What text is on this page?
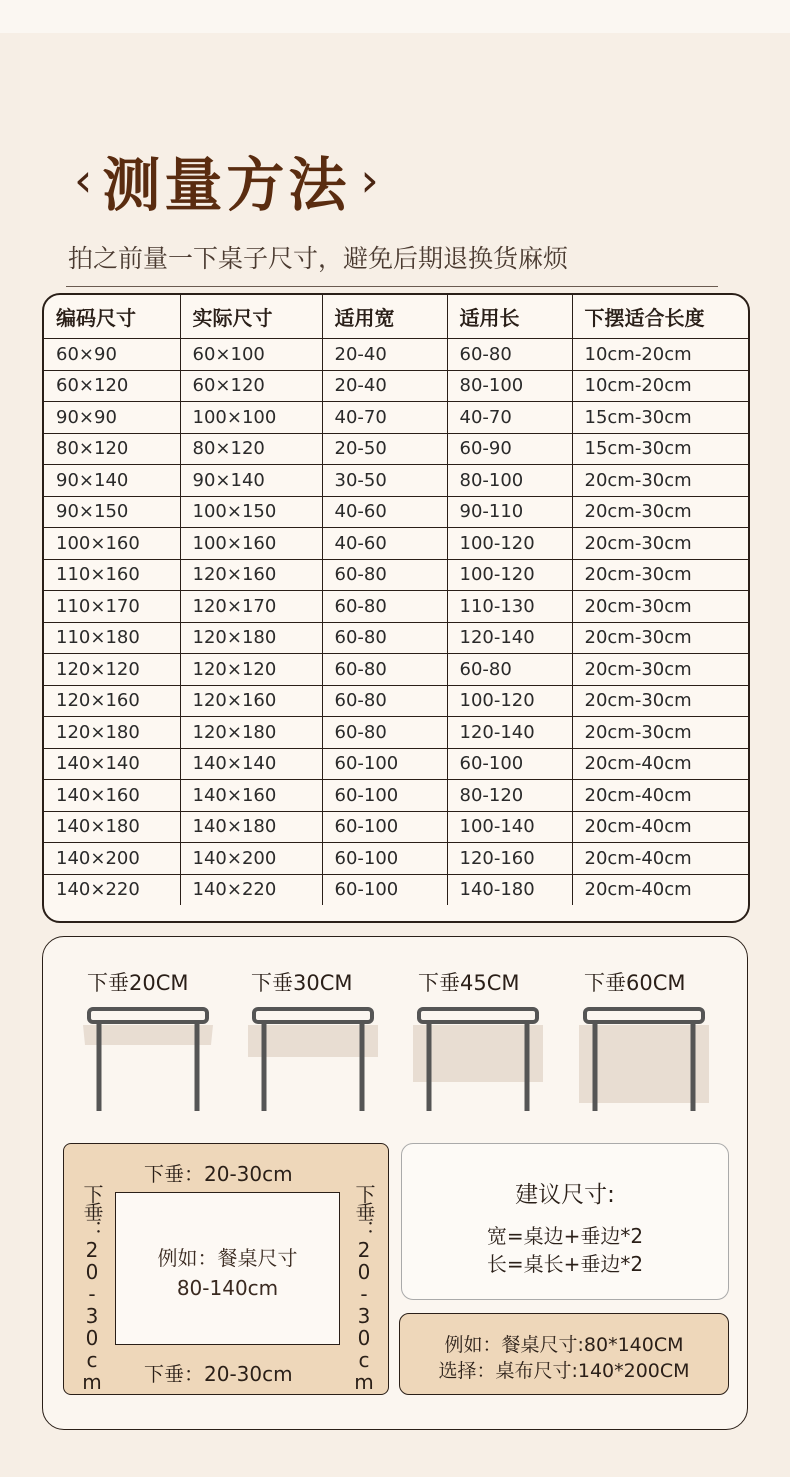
‹ 测量方法 ›
拍之前量一下桌子尺寸，避免后期退换货麻烦
编码尺寸	实际尺寸	适用宽	适用长	下摆适合长度
60×90	60×100	20-40	60-80	10cm-20cm
60×120	60×120	20-40	80-100	10cm-20cm
90×90	100×100	40-70	40-70	15cm-30cm
80×120	80×120	20-50	60-90	15cm-30cm
90×140	90×140	30-50	80-100	20cm-30cm
90×150	100×150	40-60	90-110	20cm-30cm
100×160	100×160	40-60	100-120	20cm-30cm
110×160	120×160	60-80	100-120	20cm-30cm
110×170	120×170	60-80	110-130	20cm-30cm
110×180	120×180	60-80	120-140	20cm-30cm
120×120	120×120	60-80	60-80	20cm-30cm
120×160	120×160	60-80	100-120	20cm-30cm
120×180	120×180	60-80	120-140	20cm-30cm
140×140	140×140	60-100	60-100	20cm-40cm
140×160	140×160	60-100	80-120	20cm-40cm
140×180	140×180	60-100	100-140	20cm-40cm
140×200	140×200	60-100	120-160	20cm-40cm
140×220	140×220	60-100	140-180	20cm-40cm
下垂20CM	下垂30CM	下垂45CM	下垂60CM
下垂：20-30cm
下垂：20-30cm	下垂：20-30cm
例如：餐桌尺寸
80-140cm
下垂：20-30cm
建议尺寸:
宽=桌边+垂边*2
长=桌长+垂边*2
例如：餐桌尺寸:80*140CM
选择：桌布尺寸:140*200CM
